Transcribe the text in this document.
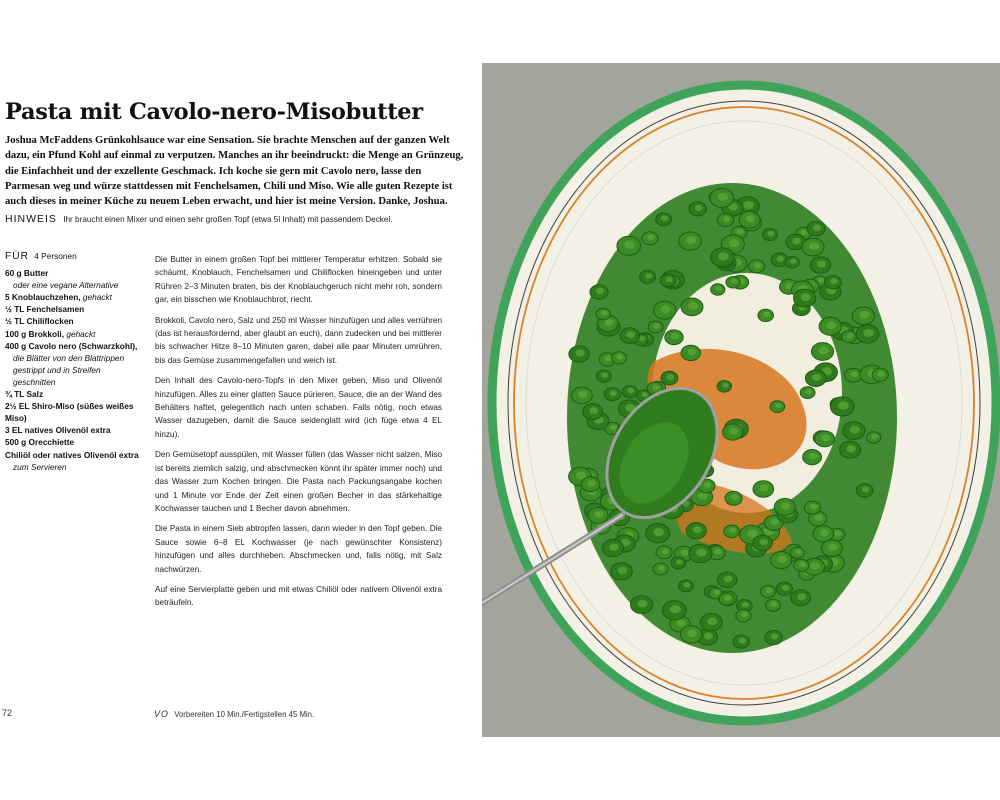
Pasta mit Cavolo-nero-Misobutter

Joshua McFaddens Grünkohlsauce war eine Sensation. Sie brachte Menschen auf der ganzen Welt dazu, ein Pfund Kohl auf einmal zu verputzen. Manches an ihr beeindruckt: die Menge an Grünzeug, die Einfachheit und der exzellente Geschmack. Ich koche sie gern mit Cavolo nero, lasse den Parmesan weg und würze stattdessen mit Fenchelsamen, Chili und Miso. Wie alle guten Rezepte ist auch dieses in meiner Küche zu neuem Leben erwacht, und hier ist meine Version. Danke, Joshua.

HINWEIS Ihr braucht einen Mixer und einen sehr großen Topf (etwa 5l Inhalt) mit passendem Deckel.
FÜR 4 Personen
60 g Butter
oder eine vegane Alternative
5 Knoblauchzehen, gehackt
½ TL Fenchelsamen
½ TL Chiliflocken
100 g Brokkoli, gehackt
400 g Cavolo nero (Schwarzkohl),
die Blätter von den Blattrippen gestrippt und in Streifen geschnitten
¾ TL Salz
2½ EL Shiro-Miso (süßes weißes Miso)
3 EL natives Olivenöl extra
500 g Orecchiette
Chiliöl oder natives Olivenöl extra
zum Servieren

Die Butter in einem großen Topf bei mittlerer Temperatur erhitzen. Sobald sie schäumt, Knoblauch, Fenchelsamen und Chiliflocken hineingeben und unter Rühren 2–3 Minuten braten, bis der Knoblauchgeruch nicht mehr roh, sondern gar, ein bisschen wie Knoblauchbrot, riecht.

Brokkoli, Cavolo nero, Salz und 250 ml Wasser hinzufügen und alles verrühren (das ist herausfordernd, aber glaubt an euch), dann zudecken und bei mittlerer bis schwacher Hitze 8–10 Minuten garen, dabei alle paar Minuten umrühren, bis das Gemüse zusammengefallen und weich ist.

Den Inhalt des Cavolo-nero-Topfs in den Mixer geben, Miso und Olivenöl hinzufügen. Alles zu einer glatten Sauce pürieren, Sauce, die an der Wand des Behälters haftet, gelegentlich nach unten schaben. Falls nötig, noch etwas Wasser dazugeben, damit die Sauce seidenglatt wird (ich füge etwa 4 EL hinzu).

Den Gemüsetopf ausspülen, mit Wasser füllen (das Wasser nicht salzen, Miso ist bereits ziemlich salzig, und abschmecken könnt ihr später immer noch) und das Wasser zum Kochen bringen. Die Pasta nach Packungsangabe kochen und 1 Minute vor Ende der Zeit einen großen Becher in das stärkehaltige Kochwasser tauchen und 1 Becher davon abnehmen.

Die Pasta in einem Sieb abtropfen lassen, dann wieder in den Topf geben. Die Sauce sowie 6–8 EL Kochwasser (je nach gewünschter Konsistenz) hinzufügen und alles durchheben. Abschmecken und, falls nötig, mit Salz nachwürzen.

Auf eine Servierplatte geben und mit etwas Chiliöl oder nativem Olivenöl extra beträufeln.

72	VO Vorbereiten 10 Min./Fertigstellen 45 Min.
